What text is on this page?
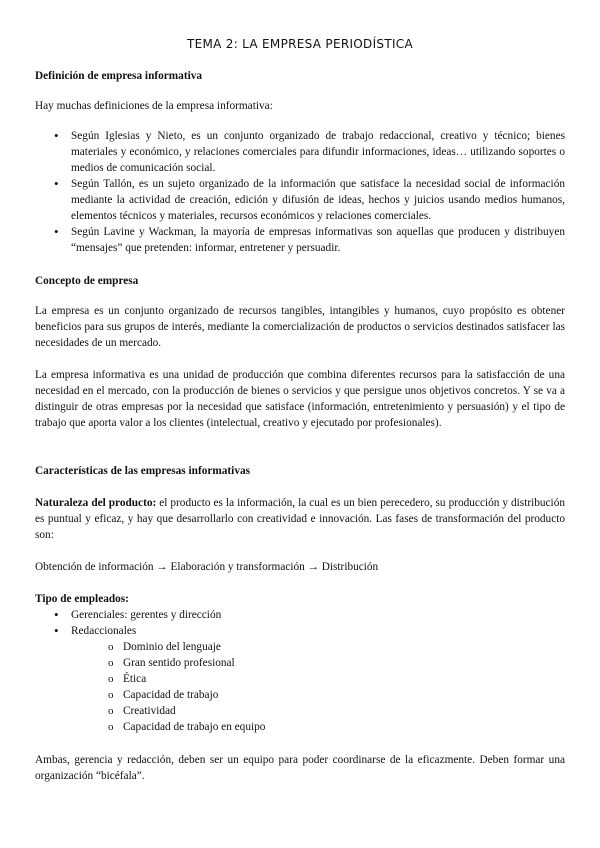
TEMA 2: LA EMPRESA PERIODÍSTICA

Definición de empresa informativa

Hay muchas definiciones de la empresa informativa:

• Según Iglesias y Nieto, es un conjunto organizado de trabajo redaccional, creativo y técnico; bienes materiales y económico, y relaciones comerciales para difundir informaciones, ideas… utilizando soportes o medios de comunicación social.
• Según Tallón, es un sujeto organizado de la información que satisface la necesidad social de información mediante la actividad de creación, edición y difusión de ideas, hechos y juicios usando medios humanos, elementos técnicos y materiales, recursos económicos y relaciones comerciales.
• Según Lavine y Wackman, la mayoría de empresas informativas son aquellas que producen y distribuyen “mensajes” que pretenden: informar, entretener y persuadir.

Concepto de empresa

La empresa es un conjunto organizado de recursos tangibles, intangibles y humanos, cuyo propósito es obtener beneficios para sus grupos de interés, mediante la comercialización de productos o servicios destinados satisfacer las necesidades de un mercado.

La empresa informativa es una unidad de producción que combina diferentes recursos para la satisfacción de una necesidad en el mercado, con la producción de bienes o servicios y que persigue unos objetivos concretos. Y se va a distinguir de otras empresas por la necesidad que satisface (información, entretenimiento y persuasión) y el tipo de trabajo que aporta valor a los clientes (intelectual, creativo y ejecutado por profesionales).

Características de las empresas informativas

Naturaleza del producto: el producto es la información, la cual es un bien perecedero, su producción y distribución es puntual y eficaz, y hay que desarrollarlo con creatividad e innovación. Las fases de transformación del producto son:

Obtención de información → Elaboración y transformación → Distribución

Tipo de empleados:

• Gerenciales: gerentes y dirección
• Redaccionales
o Dominio del lenguaje
o Gran sentido profesional
o Ética
o Capacidad de trabajo
o Creatividad
o Capacidad de trabajo en equipo

Ambas, gerencia y redacción, deben ser un equipo para poder coordinarse de la eficazmente. Deben formar una organización “bicéfala”.
